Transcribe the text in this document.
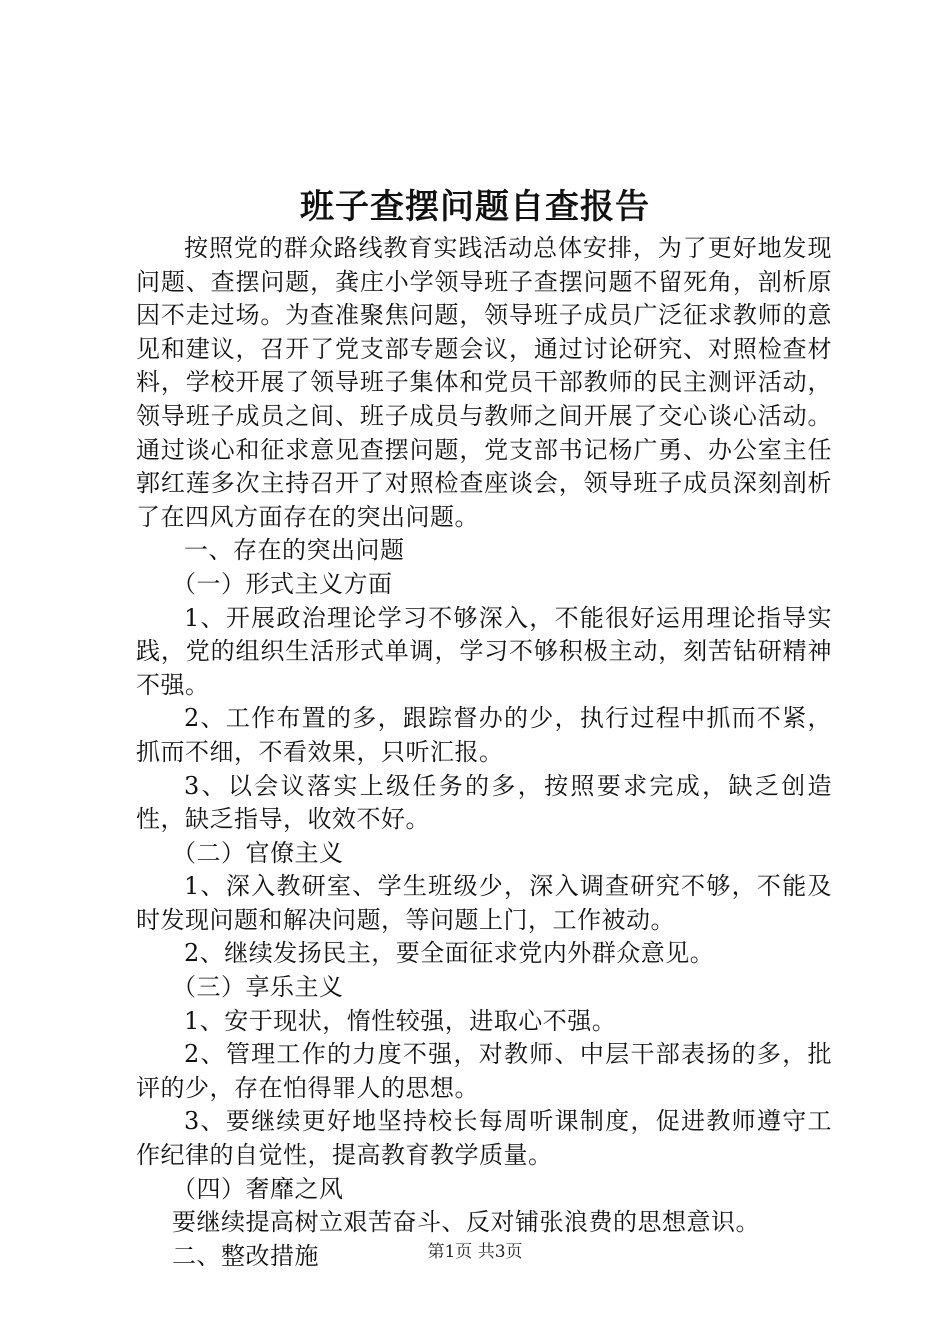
班子查摆问题自查报告

按照党的群众路线教育实践活动总体安排，为了更好地发现问题、查摆问题，龚庄小学领导班子查摆问题不留死角，剖析原因不走过场。为查准聚焦问题，领导班子成员广泛征求教师的意见和建议，召开了党支部专题会议，通过讨论研究、对照检查材料，学校开展了领导班子集体和党员干部教师的民主测评活动，领导班子成员之间、班子成员与教师之间开展了交心谈心活动。通过谈心和征求意见查摆问题，党支部书记杨广勇、办公室主任郭红莲多次主持召开了对照检查座谈会，领导班子成员深刻剖析了在四风方面存在的突出问题。

一、存在的突出问题

（一）形式主义方面

1、开展政治理论学习不够深入，不能很好运用理论指导实践，党的组织生活形式单调，学习不够积极主动，刻苦钻研精神不强。

2、工作布置的多，跟踪督办的少，执行过程中抓而不紧，抓而不细，不看效果，只听汇报。

3、以会议落实上级任务的多，按照要求完成，缺乏创造性，缺乏指导，收效不好。

（二）官僚主义

1、深入教研室、学生班级少，深入调查研究不够，不能及时发现问题和解决问题，等问题上门，工作被动。

2、继续发扬民主，要全面征求党内外群众意见。

（三）享乐主义

1、安于现状，惰性较强，进取心不强。

2、管理工作的力度不强，对教师、中层干部表扬的多，批评的少，存在怕得罪人的思想。

3、要继续更好地坚持校长每周听课制度，促进教师遵守工作纪律的自觉性，提高教育教学质量。

（四）奢靡之风

要继续提高树立艰苦奋斗、反对铺张浪费的思想意识。

二、整改措施	第1页 共3页
